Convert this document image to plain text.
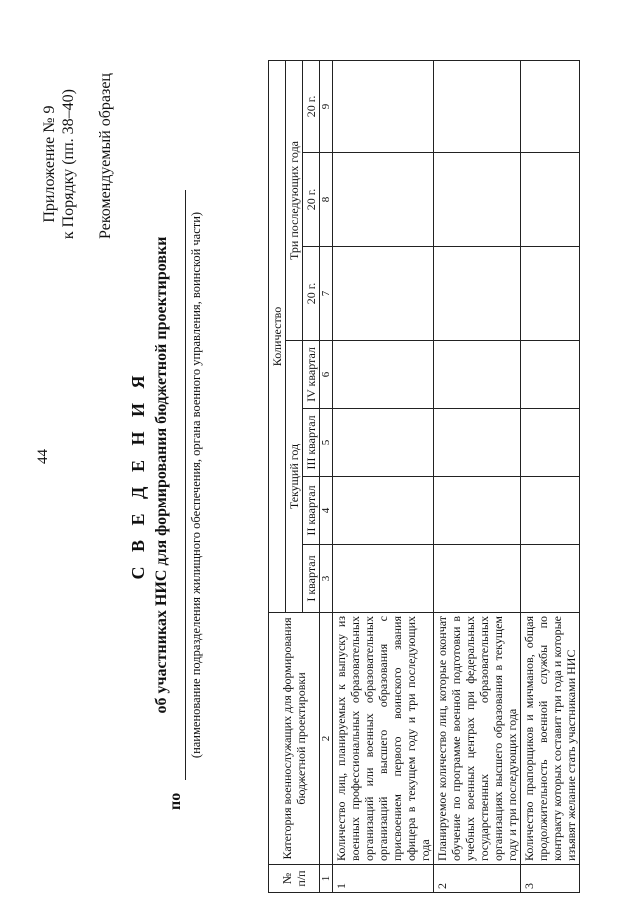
44
Приложение № 9 к Порядку (пп. 38–40) Рекомендуемый образец
С В Е Д Е Н И Я об участниках НИС для формирования бюджетной проектировки
по
(наименование подразделения жилищного обеспечения, органа военного управления, воинской части)
№ п/п	Категория военнослужащих для формирования бюджетной проектировки	Количество						
		Текущий год				Три последующих года		
		I квартал	II квартал	III квартал	IV квартал	20 г.	20 г.	20 г.
1	2	3	4	5	6	7	8	9
1	Количество лиц, планируемых к выпуску из военных профессиональных образовательных организаций или военных образовательных организаций высшего образования с присвоением первого воинского звания офицера в текущем году и три последующих года							
2	Планируемое количество лиц, которые окончат обучение по программе военной подготовки в учебных военных центрах при федеральных государственных образовательных организациях высшего образования в текущем году и три последующих года							
3	Количество прапорщиков и мичманов, общая продолжительность военной службы по контракту которых составит три года и которые изъявят желание стать участниками НИС							
